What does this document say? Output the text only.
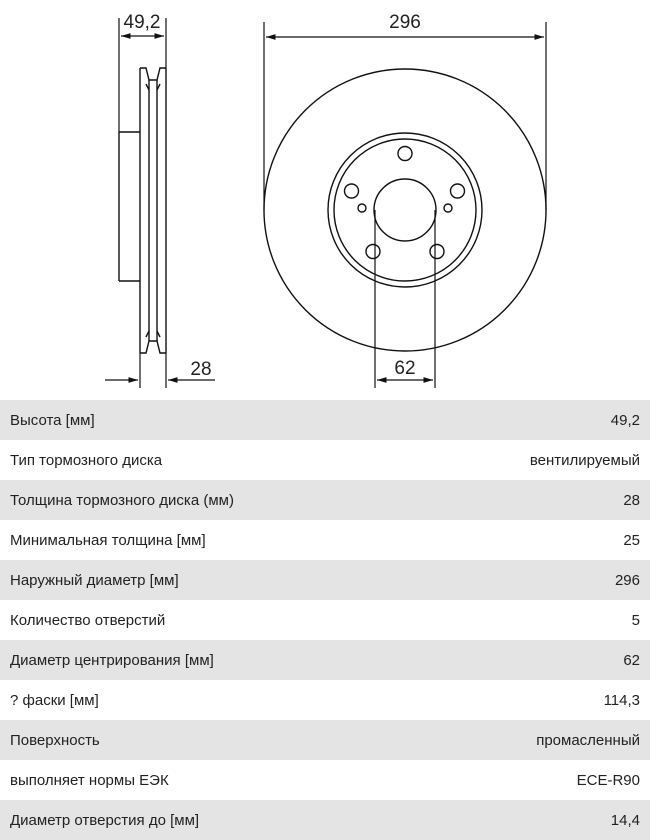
49,2
28
296
62
Высота [мм]	49,2
Тип тормозного диска	вентилируемый
Толщина тормозного диска (мм)	28
Минимальная толщина [мм]	25
Наружный диаметр [мм]	296
Количество отверстий	5
Диаметр центрирования [мм]	62
? фаски [мм]	114,3
Поверхность	промасленный
выполняет нормы ЕЭК	ECE-R90
Диаметр отверстия до [мм]	14,4
